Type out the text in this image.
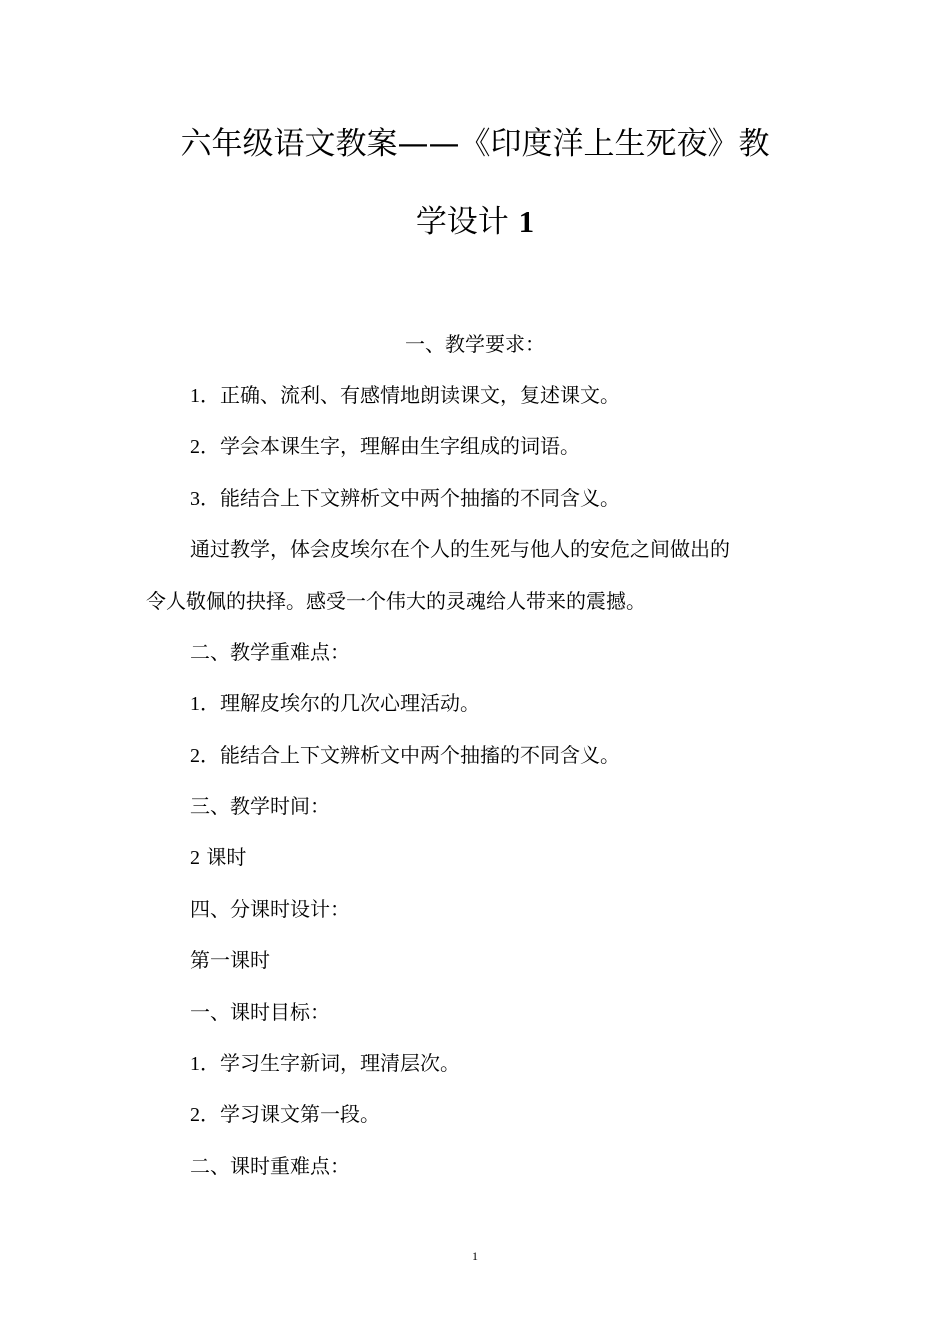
六年级语文教案——《印度洋上生死夜》教
学设计 1
一、教学要求：
1．正确、流利、有感情地朗读课文，复述课文。
2．学会本课生字，理解由生字组成的词语。
3．能结合上下文辨析文中两个抽搐的不同含义。
通过教学，体会皮埃尔在个人的生死与他人的安危之间做出的
令人敬佩的抉择。感受一个伟大的灵魂给人带来的震撼。
二、教学重难点：
1．理解皮埃尔的几次心理活动。
2．能结合上下文辨析文中两个抽搐的不同含义。
三、教学时间：
2 课时
四、分课时设计：
第一课时
一、课时目标：
1．学习生字新词，理清层次。
2．学习课文第一段。
二、课时重难点：
1
